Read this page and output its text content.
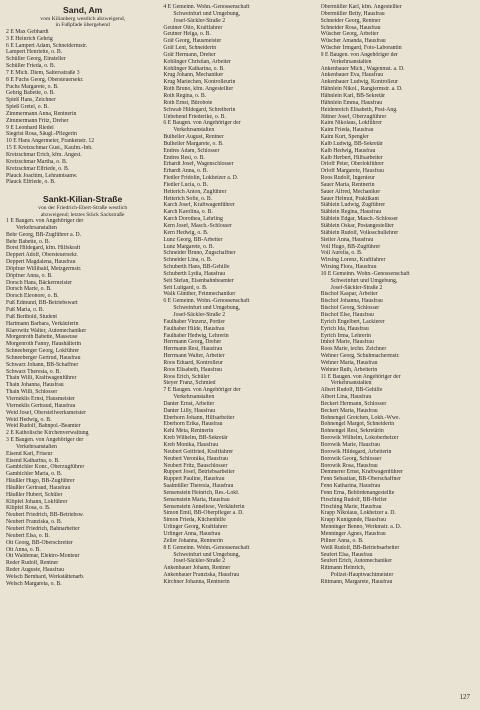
Sand, Am
vom Kilianberg westlich abzweigend,
in Fußpfade übergehend
2 E Max Gebhardt
3 E Heinrich Gehrig
6 E Lampert Adam, Schneidermstr.
Lampert Henriette, o. B.
Schüller Georg, Einsteller
Schüller Frieda, o. B.
7 E Mich. Diem, Saltersstraße 3
8 E Fuchs Georg, Obersteuersekr.
Fuchs Margarete, o. B.
Gehrig Babette, o. B.
Spieß Hans, Zeichner
Spieß Gretel, o. B.
Zimmermann Anna, Rentnerin
Zimmermann Fritz, Dreher
9 E Leonhard Riedel
Siegrist Rosa, Säugl.-Pflegerin
10 E Hans Angermeier, Frankenstr. 12
15 E Kretzschmar Gust., Kaufm.-Inh.
Kretzschmar Erich, kfm. Angest.
Kretzschmar Martha, o. B.
Kretzschmar Elfriede, o. B.
Plauck Joachim, Lehramtsanw.
Plauck Elfriede, o. B.
Sankt-Kilian-Straße
von der Friedrich-Ebert-Straße westlich
abzweigend; letztes Stück Sackstraße
1 E Baugen. von Angehöriger der
Verkehrsanstalten
Behr Georg, BB-Zugführer a. D.
Behr Babette, o. B.
Borst Hildegard, kfm. Hilfskraft
Deppert Adolf, Obersteuersekr.
Deppert Magdalena, Hausfrau
Döpfner Willibald, Metzgermstr.
Döpfner Anna, o. B.
Dorsch Hans, Bäckermeister
Dorsch Marie, o. B.
Dorsch Eleonore, o. B.
Fuß Edmund, BB-Betriebswart
Fuß Maria, o. B.
Fuß Berthold, Student
Hartmann Barbara, Verkäuferin
Klarowitz Walter, Automechaniker
Morgenroth Babette, Masseuse
Morgenroth Fanny, Haushälterin
Schneeberger Georg, Lokführer
Schneeberger Gertrud, Hausfrau
Schwarz Johann, BB-Schaffner
Schwarz Theresia, o. B.
Thain Willi, Kraftwagenführer
Thain Johanna, Hausfrau
Thain Willi, Schlosser
Vierneklis Ernst, Hausmeister
Vierneklis Gertraud, Hausfrau
Weid Josef, Oberstellwerksmeister
Weid Hedwig, o. B.
Weid Rudolf, Bahnpol.-Beamter
2 E Katholische Kirchenverwaltung
3 E Baugen. von Angehöriger der
Verkehrsanstalten
Eisend Karl, Friseur
Eisend Katharina, o. B.
Gambichler Konr., Oberzugführer
Gambichler Maria, o. B.
Häußler Hugo, BB-Zugführer
Häußler Gertraud, Hausfrau
Häußler Hubert, Schüler
Klüpfel Johann, Lokführer
Klüpfel Rosa, o. B.
Neubert Friedrich, BB-Betriebsw.
Neubert Franziska, o. B.
Neubert Friedrich, Bahnarbeiter
Neubert Elsa, o. B.
Ott Georg, BB-Oberschreiter
Ott Anna, o. B.
Ott Waldemar, Elektro-Monteur
Reder Rudolf, Rentner
Reder Auguste, Hausfrau
Welsch Bernhard, Werkstättenarb.
Welsch Margareta, o. B.
4 E Gemeinn. Wohn.-Genossenschaft
Schweinfurt und Umgebung,
Josef-Säckler-Straße 2
Geutner Otto, Kraftfahrer
Geutner Helga, o. B.
Gräf Georg, Hausmeister
Gräf Leni, Schneiderin
Gräf Hermann, Dreher
Kohlinger Christian, Arbeiter
Kohlinger Katharina, o. B.
Krug Johann, Mechaniker
Krug Mariechen, Kontrolleurin
Roth Bruno, kfm. Angestellter
Roth Regina, o. B.
Roth Ernst, Bürobote
Schwab Hildegard, Schreiberin
Unbehend Friederike, o. B.
6 E Baugen. von Angehöriger der
Verkehrsanstalten
Bulheller August, Rentner
Bulheller Margarete, o. B.
Endres Adam, Schlosser
Endres Resi, o. B.
Erhardt Josef, Wagenschlosser
Erhardt Anna, o. B.
Fiedler Fridolin, Lokheizer a. D.
Fiedler Lucia, o. B.
Hetterich Anton, Zugführer
Hetterich Sofie, o. B.
Karch Josef, Kraftwagenführer
Karch Karolina, o. B.
Karch Dorothea, Lehrling
Kern Josef, Masch.-Schlosser
Kern Hedwig, o. B.
Lunz Georg, BB-Arbeiter
Lunz Margarete, o. B.
Schneider Bruno, Zugschaffner
Schneider Lina, o. B.
Schuberth Hans, BB-Gehilfe
Schuberth Lydia, Hausfrau
Seit Stefan, Eisenbahnbeamter
Seit Luitgard, o. B.
Walk Günther, Feinmechaniker
6 E Gemeinn. Wohn.-Genossenschaft
Schweinfurt und Umgebung,
Josef-Säckler-Straße 2
Faulhaber Vinzenz, Portier
Faulhaber Hilde, Hausfrau
Faulhaber Hedwig, Lehrerin
Herrmann Georg, Dreher
Herrmann Resi, Hausfrau
Herrmann Walter, Arbeiter
Roos Eduard, Kontrolleur
Roos Elisabeth, Hausfrau
Roos Erich, Schüler
Steyer Franz, Schmied
7 E Baugen. von Angehöriger der
Verkehrsanstalten
Danter Ernst, Arbeiter
Danter Lilly, Hausfrau
Eberhorn Johann, Hilfsarbeiter
Eberhorn Erika, Hausfrau
Kehl Meta, Rentnerin
Kreb Wilhelm, BB-Sekretär
Kreb Monika, Hausfrau
Neubert Gottfried, Kraftfahrer
Neubert Veronika, Hausfrau
Neubert Fritz, Bauschlosser
Ruppert Josef, Betriebsarbeiter
Ruppert Pauline, Hausfrau
Saalmüller Theresia, Hausfrau
Sensenstein Heinrich, Res.-Lokf.
Sensenstein Maria, Hausfrau
Sensenstein Anneliese, Verkäuferin
Simon Emil, BB-Oberpfleger a. D.
Simon Frieda, Küchenhilfe
Urlinger Georg, Kraftfahrer
Urlinger Anna, Hausfrau
Zeller Johanna, Rentnerin
8 E Gemeinn. Wohn.-Genossenschaft
Schweinfurt und Umgebung,
Josef-Säckler-Straße 2
Ankenbauer Johann, Rentner
Ankenbauer Franziska, Hausfrau
Kirchner Johanna, Rentnerin
Obermüller Karl, kfm. Angestellter
Obermüller Betty, Hausfrau
Schneider Georg, Rentner
Schneider Rosa, Hausfrau
Wüscher Georg, Arbeiter
Wüscher Amanda, Hausfrau
Wüscher Irmgard, Foto-Laborantin
9 E Baugen. von Angehöriger der
Verkehrsanstalten
Ankenbauer Mich., Wagenmst. a. D.
Ankenbauer Eva, Hausfrau
Ankenbauer Ludwig, Kontrolleur
Hähnlein Nikol., Rangiermstr. a. D.
Hähnlein Karl, BB-Sekretär
Hähnlein Emma, Hausfrau
Heidenreich Elisabeth, Post-Ang.
Jüttner Josef, Oberzugführer
Kaim Nikolaus, Lokführer
Kaim Frieda, Hausfrau
Kaim Kurt, Spengler
Kalb Ludwig, BB-Sekretär
Kalb Hedwig, Hausfrau
Kalb Herbert, Hilfsarbeiter
Orloff Peter, Oberlokführer
Orloff Margarete, Hausfrau
Roos Rudolf, Ingenieur
Sauer Maria, Rentnerin
Sauer Alfred, Mechaniker
Sauer Helmut, Praktikant
Stäblein Ludwig, Zugführer
Stäblein Regina, Hausfrau
Stäblein Edgar, Masch.-Schlosser
Stäblein Oskar, Postangestellter
Stäblein Rudolf, Volksschullehrer
Steiler Anna, Hausfrau
Voll Hugo, BB-Zugführer
Voll Aurelia, o. B.
Wirsing Lorenz, Kraftfahrer
Wirsing Flora, Hausfrau
10 E Gemeinn. Wohn.-Genossenschaft
Schweinfurt und Umgebung,
Josef-Säckler-Straße 2
Bischof Kaspar, Arbeiter
Bischof Johanna, Hausfrau
Bischof Georg, Schlosser
Bischof Else, Hausfrau
Eyrich Engelbert, Lackierer
Eyrich Ida, Hausfrau
Eyrich Irma, Lehrerin
Imhof Marie, Hausfrau
Roos Marie, techn. Zeichner
Wehner Georg, Schuhmachermstr.
Wehner Maria, Hausfrau
Wehner Ruth, Arbeiterin
11 E Baugen. von Angehöriger der
Verkehrsanstalten
Albert Rudolf, BB-Gehilfe
Albert Lina, Hausfrau
Beckert Hermann, Schlosser
Beckert Maria, Hausfrau
Bohnengel Gretchen, Lokh.-Wwe.
Bohnengel Margot, Schneiderin
Bohnengel Resi, Sekretärin
Borowik Wilhelm, Lokoberheizer
Borowik Marie, Hausfrau
Borowik Hildegard, Arbeiterin
Borowik Georg, Schlosser
Borowik Rosa, Hausfrau
Demmerer Ernst, Kraftwagenführer
Fenn Sebastian, BB-Oberschaffner
Fenn Katharina, Hausfrau
Fenn Erna, Behördenangestellte
Firsching Rudolf, BB-Helfer
Firsching Marie, Hausfrau
Krapp Nikolaus, Lokheizer a. D.
Krapp Kunigunde, Hausfrau
Menninger Benno, Werkmstr. a. D.
Menninger Agnes, Hausfrau
Pillner Anna, o. B.
Weiß Rudolf, BB-Betriebsarbeiter
Seufert Elsa, Hausfrau
Seufert Erich, Automechaniker
Rittmann Heinrich,
Polizei-Hauptwachtmeister
Rittmann, Margarete, Hausfrau
127
